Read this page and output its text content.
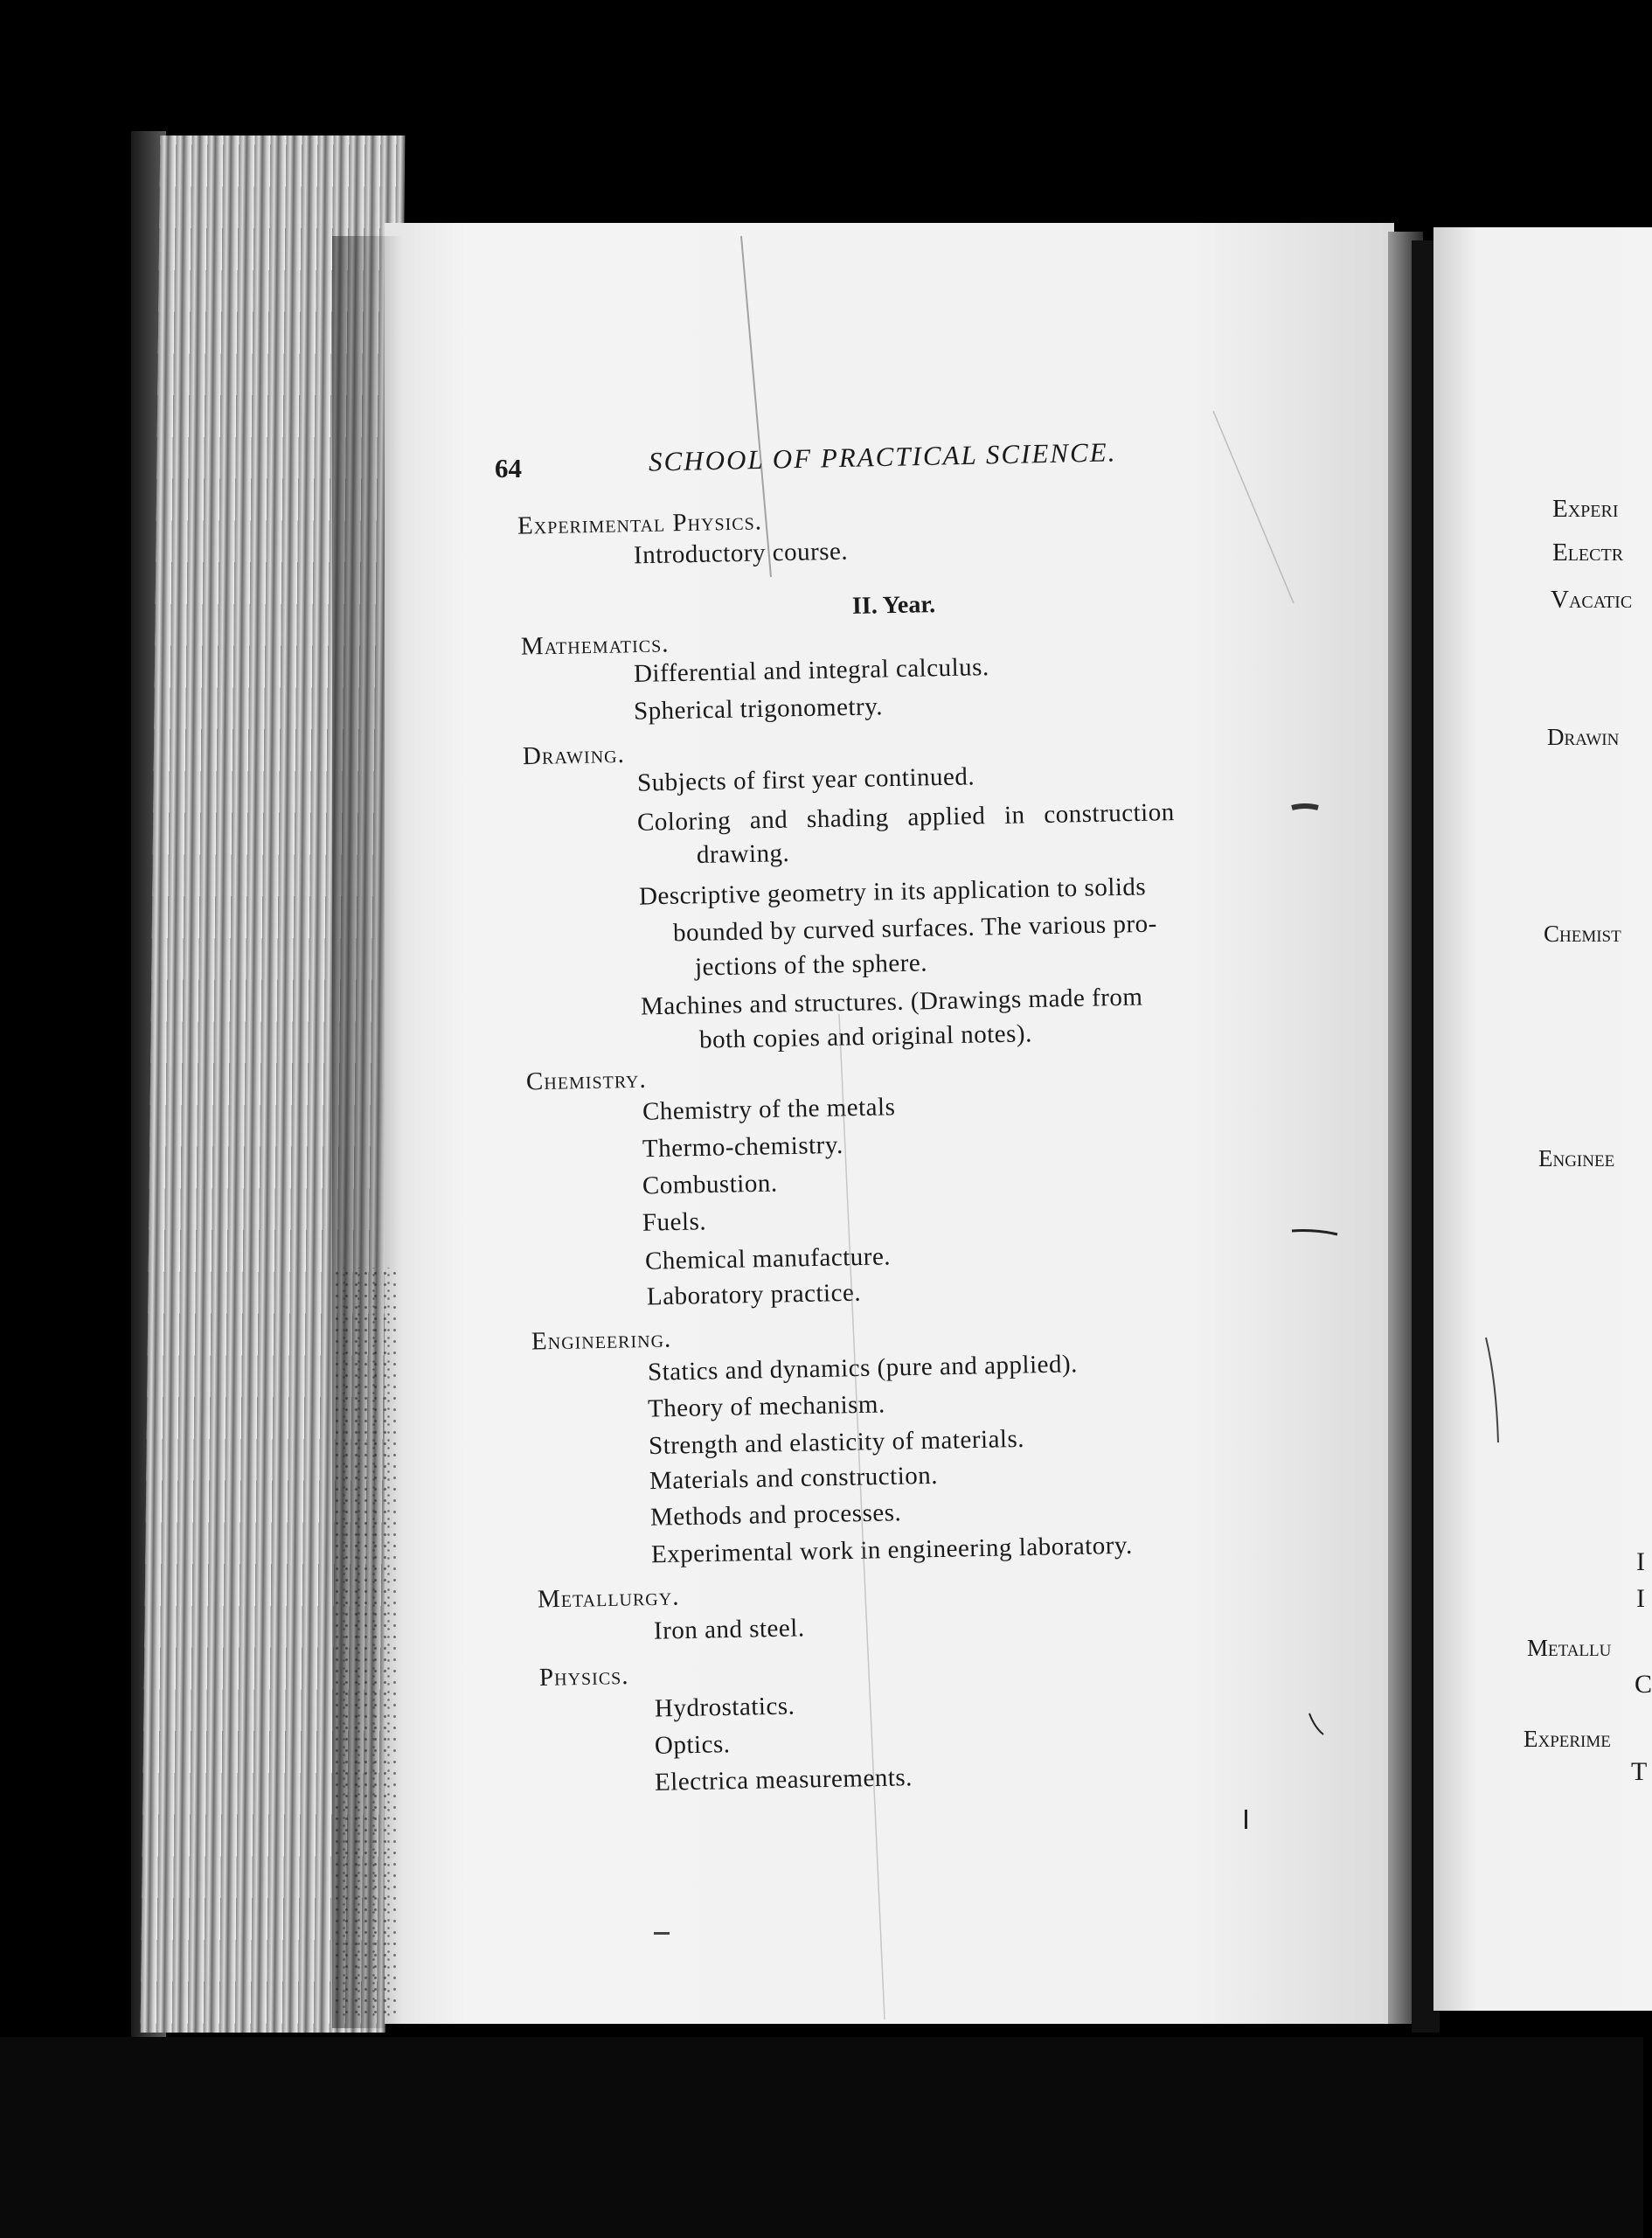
64	SCHOOL OF PRACTICAL SCIENCE.
Experimental Physics.
Introductory course.
II. Year.
Mathematics.
Differential and integral calculus.
Spherical trigonometry.
Drawing.
Subjects of first year continued.
Coloring and shading applied in construction
drawing.
Descriptive geometry in its application to solids
bounded by curved surfaces. The various pro-
jections of the sphere.
Machines and structures. (Drawings made from
both copies and original notes).
Chemistry.
Chemistry of the metals
Thermo-chemistry.
Combustion.
Fuels.
Chemical manufacture.
Laboratory practice.
Engineering.
Statics and dynamics (pure and applied).
Theory of mechanism.
Strength and elasticity of materials.
Materials and construction.
Methods and processes.
Experimental work in engineering laboratory.
Metallurgy.
Iron and steel.
Physics.
Hydrostatics.
Optics.
Electrica measurements.
Experi
Electr
Vacatic
Drawin
Chemist
Enginee
Metallu
Experime
I
I
C
T
